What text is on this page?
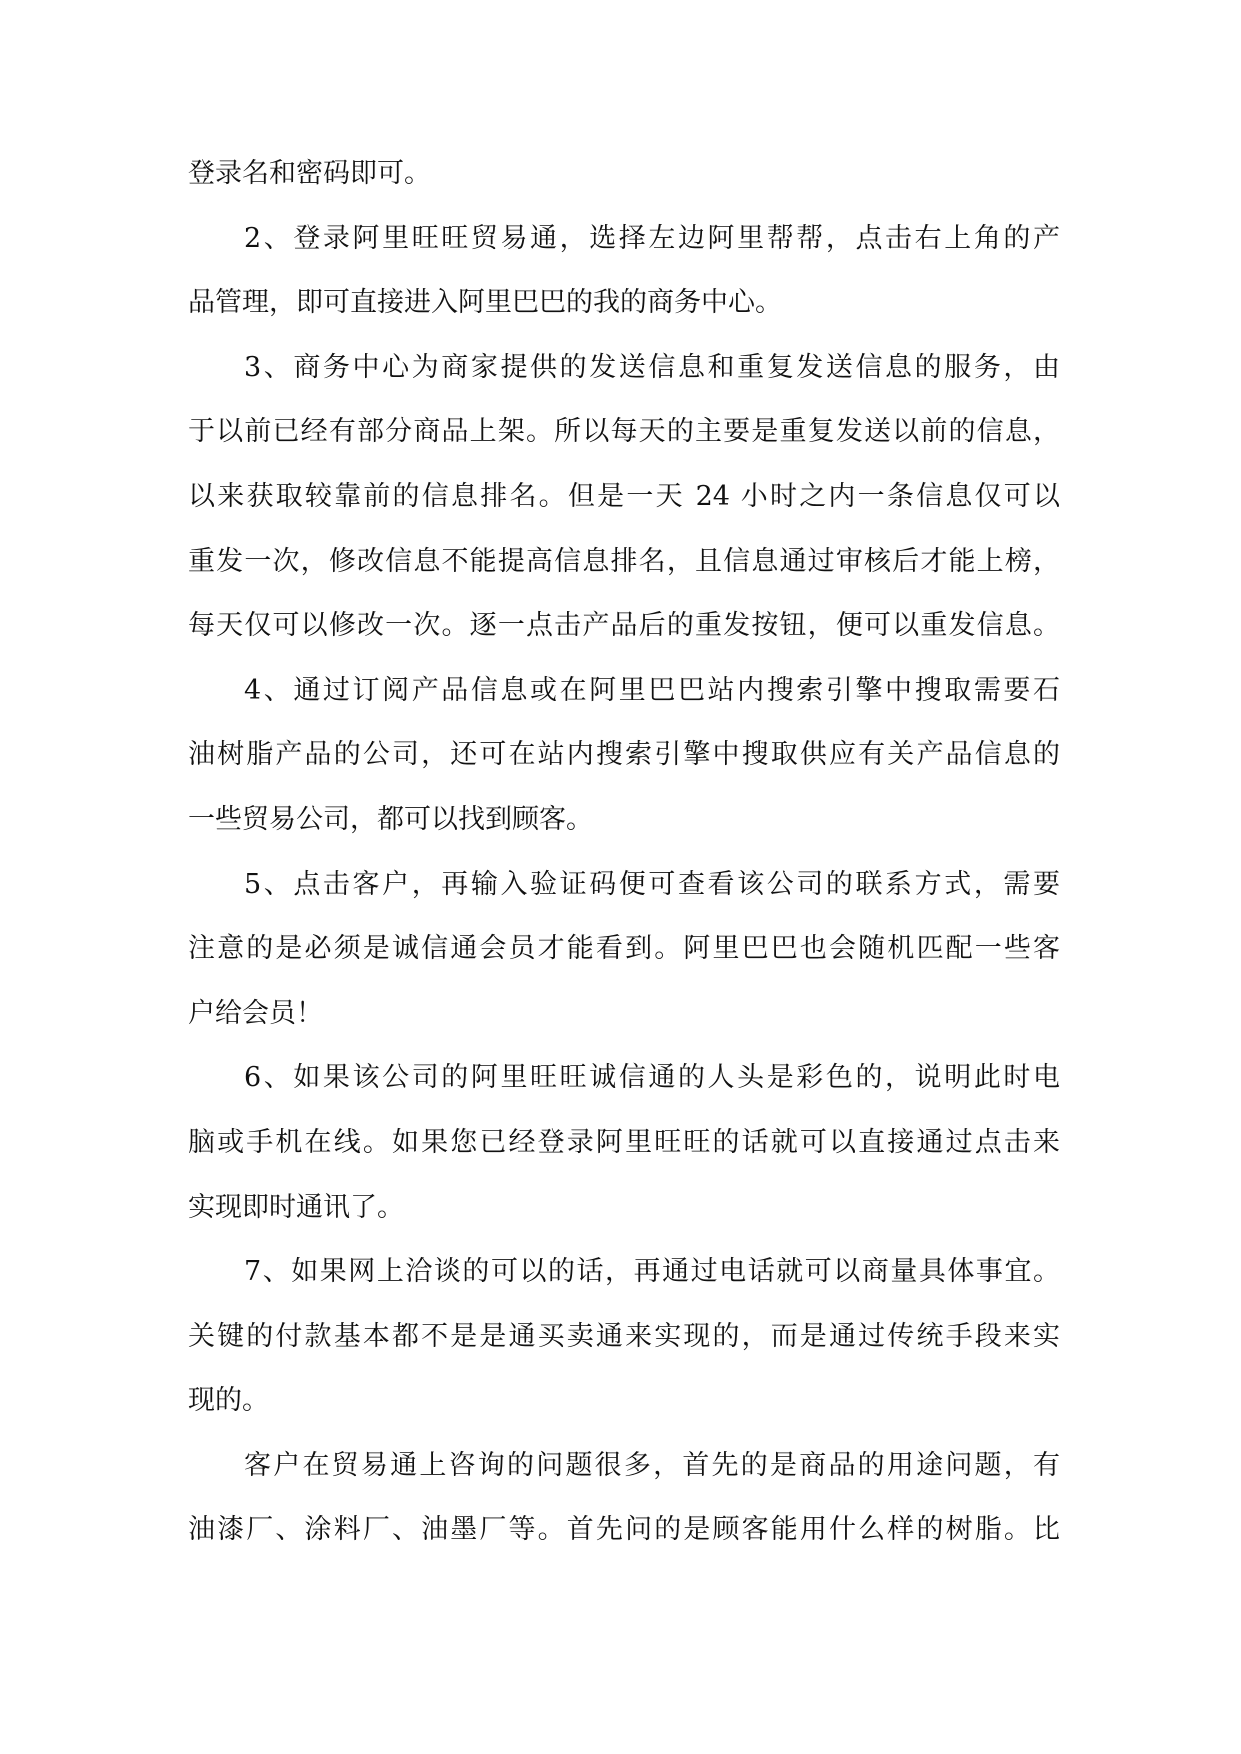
登录名和密码即可。
2、登录阿里旺旺贸易通，选择左边阿里帮帮，点击右上角的产
品管理，即可直接进入阿里巴巴的我的商务中心。
3、商务中心为商家提供的发送信息和重复发送信息的服务，由
于以前已经有部分商品上架。所以每天的主要是重复发送以前的信息，
以来获取较靠前的信息排名。但是一天 24 小时之内一条信息仅可以
重发一次，修改信息不能提高信息排名，且信息通过审核后才能上榜，
每天仅可以修改一次。逐一点击产品后的重发按钮，便可以重发信息。
4、通过订阅产品信息或在阿里巴巴站内搜索引擎中搜取需要石
油树脂产品的公司，还可在站内搜索引擎中搜取供应有关产品信息的
一些贸易公司，都可以找到顾客。
5、点击客户，再输入验证码便可查看该公司的联系方式，需要
注意的是必须是诚信通会员才能看到。阿里巴巴也会随机匹配一些客
户给会员！
6、如果该公司的阿里旺旺诚信通的人头是彩色的，说明此时电
脑或手机在线。如果您已经登录阿里旺旺的话就可以直接通过点击来
实现即时通讯了。
7、如果网上洽谈的可以的话，再通过电话就可以商量具体事宜。
关键的付款基本都不是是通买卖通来实现的，而是通过传统手段来实
现的。
客户在贸易通上咨询的问题很多，首先的是商品的用途问题，有
油漆厂、涂料厂、油墨厂等。首先问的是顾客能用什么样的树脂。比
